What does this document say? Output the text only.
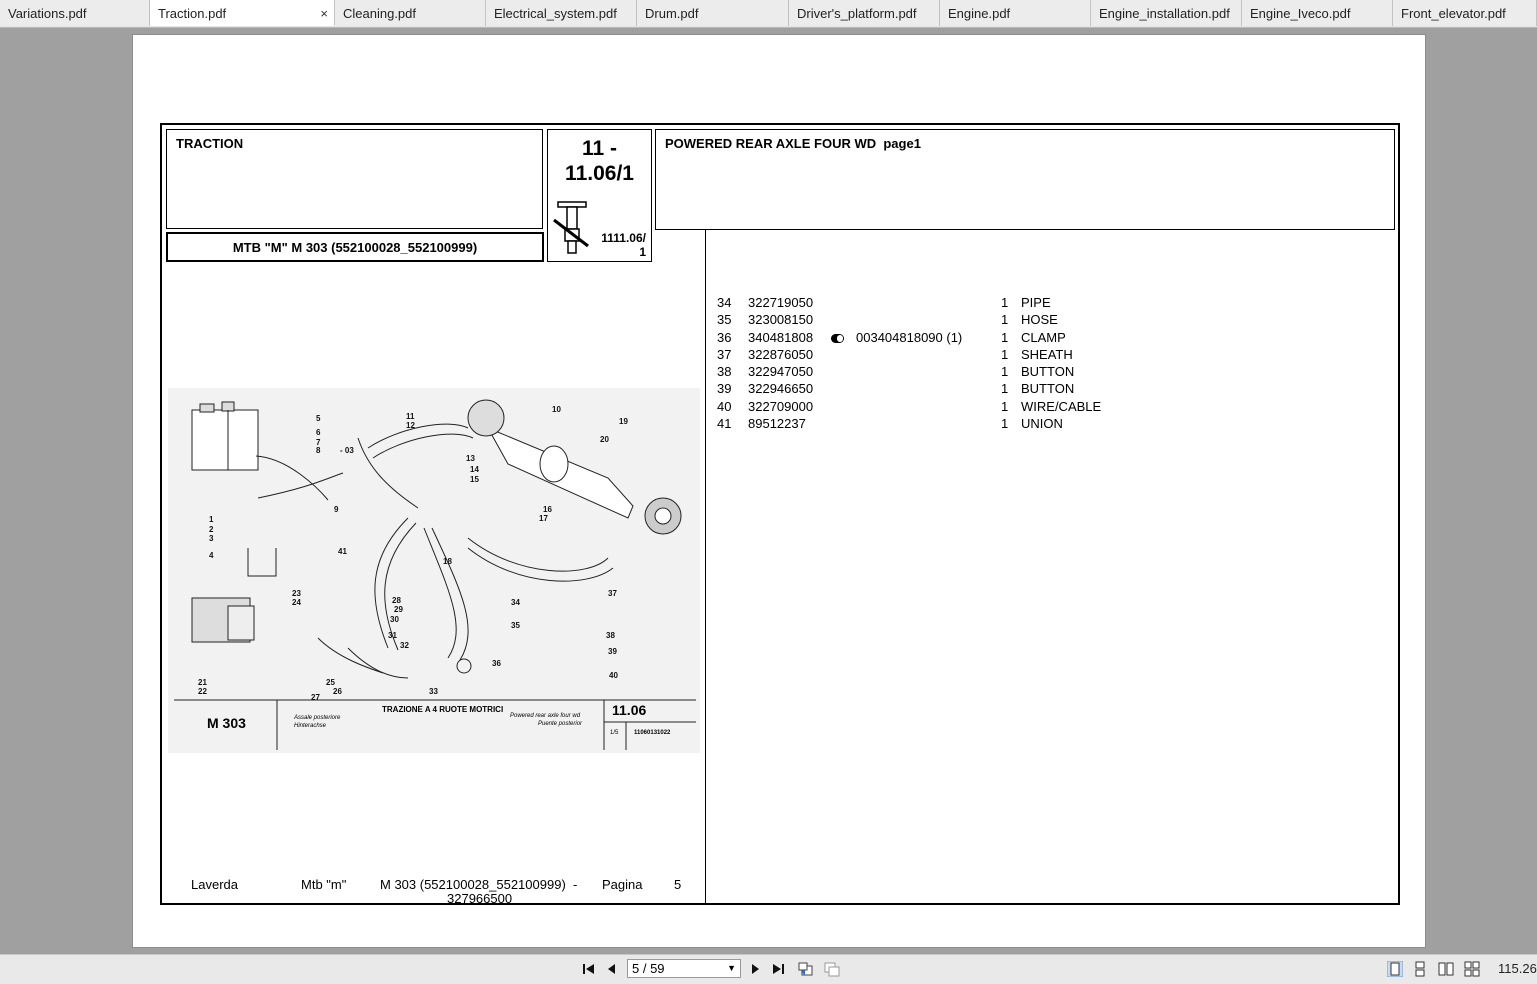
Variations.pdf	Traction.pdf	×	Cleaning.pdf	Electrical_system.pdf	Drum.pdf	Driver's_platform.pdf	Engine.pdf	Engine_installation.pdf	Engine_Iveco.pdf	Front_elevator.pdf
TRACTION
MTB "M" M 303 (552100028_552100999)
11 -
11.06/1
1111.06/
1
POWERED REAR AXLE FOUR WD  page1
34	322719050		1	PIPE
35	323008150		1	HOSE
36	340481808	003404818090 (1)	1	CLAMP
37	322876050		1	SHEATH
38	322947050		1	BUTTON
39	322946650		1	BUTTON
40	322709000		1	WIRE/CABLE
41	89512237		1	UNION
1
2
3
4
5
6
7
8 - 03
9
10
11
12
13
14
15
16
17
18
19
20
21
22
23
24
25
26
27
28
29
30
31
32
33
34
35
36
37
38
39
40
41
M 303	Assale posteriore
Hinterachse
TRAZIONE A 4 RUOTE MOTRICI
Powered rear axle four wd
Puente posterior
11.06
1/5	11060131022
Laverda	Mtb "m"	M 303 (552100028_552100999)  -
327966500
Pagina 5
5 / 59	▼	115.26
